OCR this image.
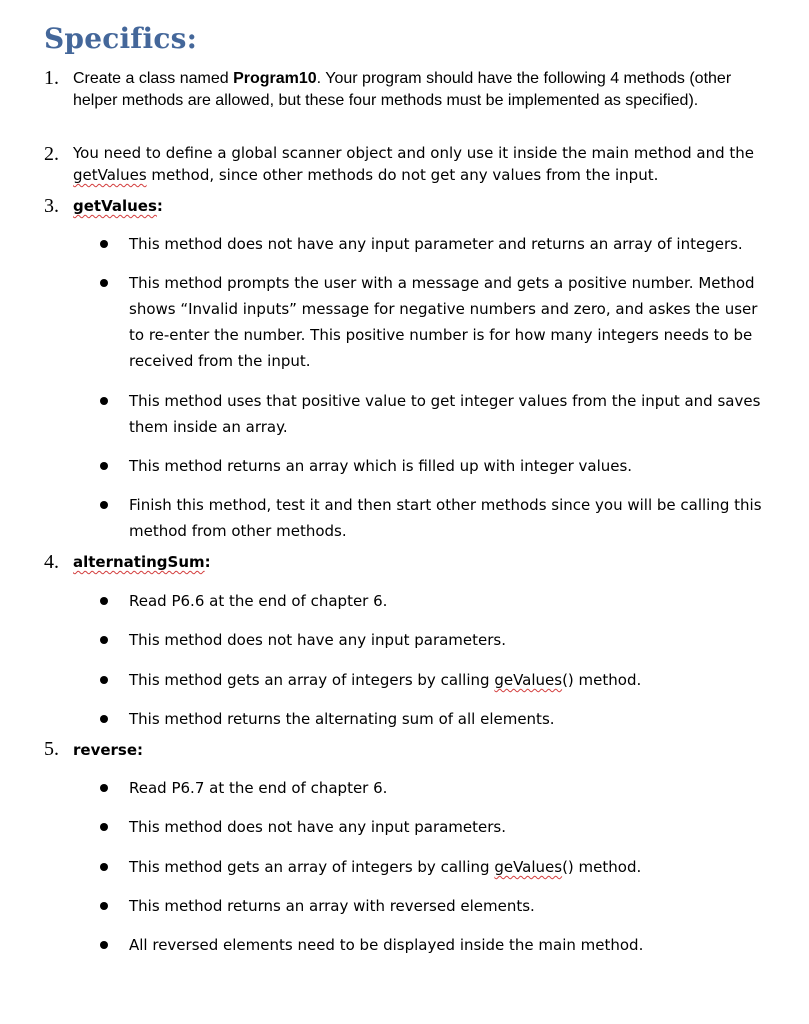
Specifics:
1. Create a class named Program10. Your program should have the following 4 methods (other helper methods are allowed, but these four methods must be implemented as specified).

2. You need to define a global scanner object and only use it inside the main method and the getValues method, since other methods do not get any values from the input.

3. getValues:

This method does not have any input parameter and returns an array of integers.

This method prompts the user with a message and gets a positive number. Method shows “Invalid inputs” message for negative numbers and zero, and askes the user to re-enter the number. This positive number is for how many integers needs to be received from the input.

This method uses that positive value to get integer values from the input and saves them inside an array.

This method returns an array which is filled up with integer values.

Finish this method, test it and then start other methods since you will be calling this method from other methods.

4. alternatingSum:

Read P6.6 at the end of chapter 6.

This method does not have any input parameters.

This method gets an array of integers by calling geValues() method.

This method returns the alternating sum of all elements.

5. reverse:

Read P6.7 at the end of chapter 6.

This method does not have any input parameters.

This method gets an array of integers by calling geValues() method.

This method returns an array with reversed elements.

All reversed elements need to be displayed inside the main method.
